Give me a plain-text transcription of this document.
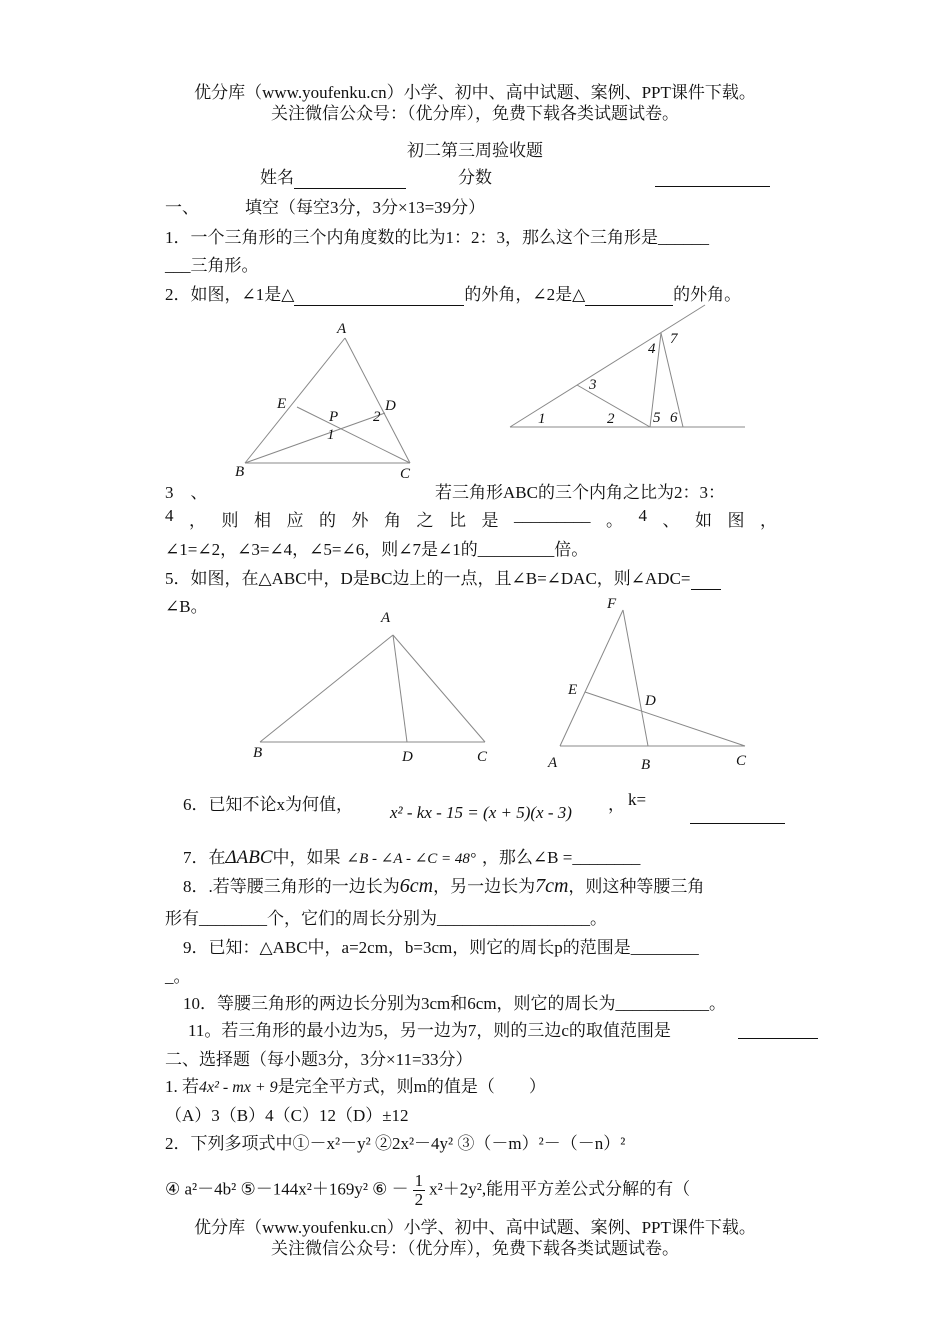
优分库（www.youfenku.cn）小学、初中、高中试题、案例、PPT课件下载。
关注微信公众号：（优分库），免费下载各类试题试卷。
初二第三周验收题
姓名	分数
一、	填空（每空3分，3分×13=39分）
1．一个三角形的三个内角度数的比为1：2：3，那么这个三角形是______
___三角形。
2．如图，∠1是△	的外角，∠2是△	的外角。
A
B	C
D
E
P
1
2	1	2
3
4
5 6
7
3　、	若三角形ABC的三个内角之比为2：3：
4 ， 则 相 应 的 外 角 之 比 是 _________ 。 4 、 如 图 ，
∠1=∠2，∠3=∠4，∠5=∠6，则∠7是∠1的_________倍。
5．如图，在△ABC中，D是BC边上的一点，且∠B=∠DAC，则∠ADC=
∠B。
A
B	D	C
F
E
D
A	B	C
6．已知不论x为何值， x² - kx - 15 = (x + 5)(x - 3) ， k=
7．在ΔABC中，如果 ∠B - ∠A - ∠C = 48° ，那么∠B =________
8．.若等腰三角形的一边长为6cm，另一边长为7cm，则这种等腰三角
形有________个，它们的周长分别为__________________。
9．已知：△ABC中，a=2cm，b=3cm，则它的周长p的范围是________
_。
10．等腰三角形的两边长分别为3cm和6cm，则它的周长为___________。
11。若三角形的最小边为5，另一边为7，则的三边c的取值范围是
二、选择题（每小题3分，3分×11=33分）
1. 若4x² - mx + 9是完全平方式，则m的值是（　　）
（A）3（B）4（C）12（D）±12
2．下列多项式中①－x²－y² ②2x²－4y² ③（－m）²－（－n）²
④ a²－4b² ⑤－144x²＋169y² ⑥ － $\frac{1}{2} x^2+2y^2$,能用平方差公式分解的有（
优分库（www.youfenku.cn）小学、初中、高中试题、案例、PPT课件下载。
关注微信公众号：（优分库），免费下载各类试题试卷。
